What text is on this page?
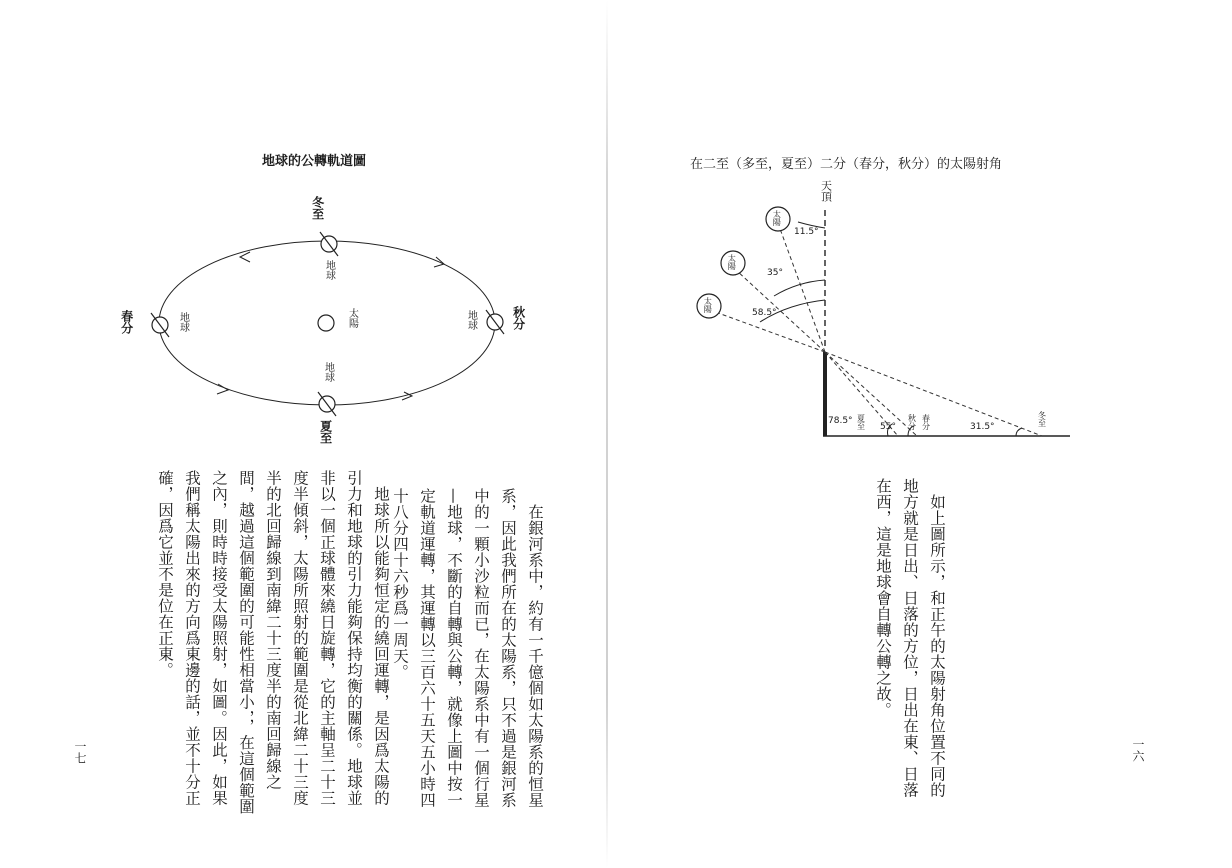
地球的公轉軌道圖
冬至
地球
太陽
地球
夏至
春分	地球	地球	秋分
　在銀河系中，約有一千億個如太陽系的恒星系，因此我們所在的太陽系，只不過是銀河系中的一顆小沙粒而已，在太陽系中有一個行星—地球，不斷的自轉與公轉，就像上圖中按一定軌道運轉，其運轉以三百六十五天五小時四十八分四十六秒爲一周天。
　地球所以能夠恒定的繞回運轉，是因爲太陽的引力和地球的引力能夠保持均衡的關係。地球並非以一個正球體來繞日旋轉，它的主軸呈二十三度半傾斜，太陽所照射的範圍是從北緯二十三度半的北回歸線到南緯二十三度半的南回歸線之間，越過這個範圍的可能性相當小，，在這個範圍之內，則時時接受太陽照射，如圖。因此，如果我們稱太陽出來的方向爲東邊的話，並不十分正確，因爲它並不是位在正東。
一七
在二至（多至，夏至）二分（春分，秋分）的太陽射角
天頂
太陽
太陽
太陽
11.5°
35°
58.5°
78.5° 夏至 55°
秋分
春分	31.5°
冬至
　如上圖所示，和正午的太陽射角位置不同的地方就是日出、日落的方位，日出在東、日落在西，這是地球會自轉公轉之故。
一六
